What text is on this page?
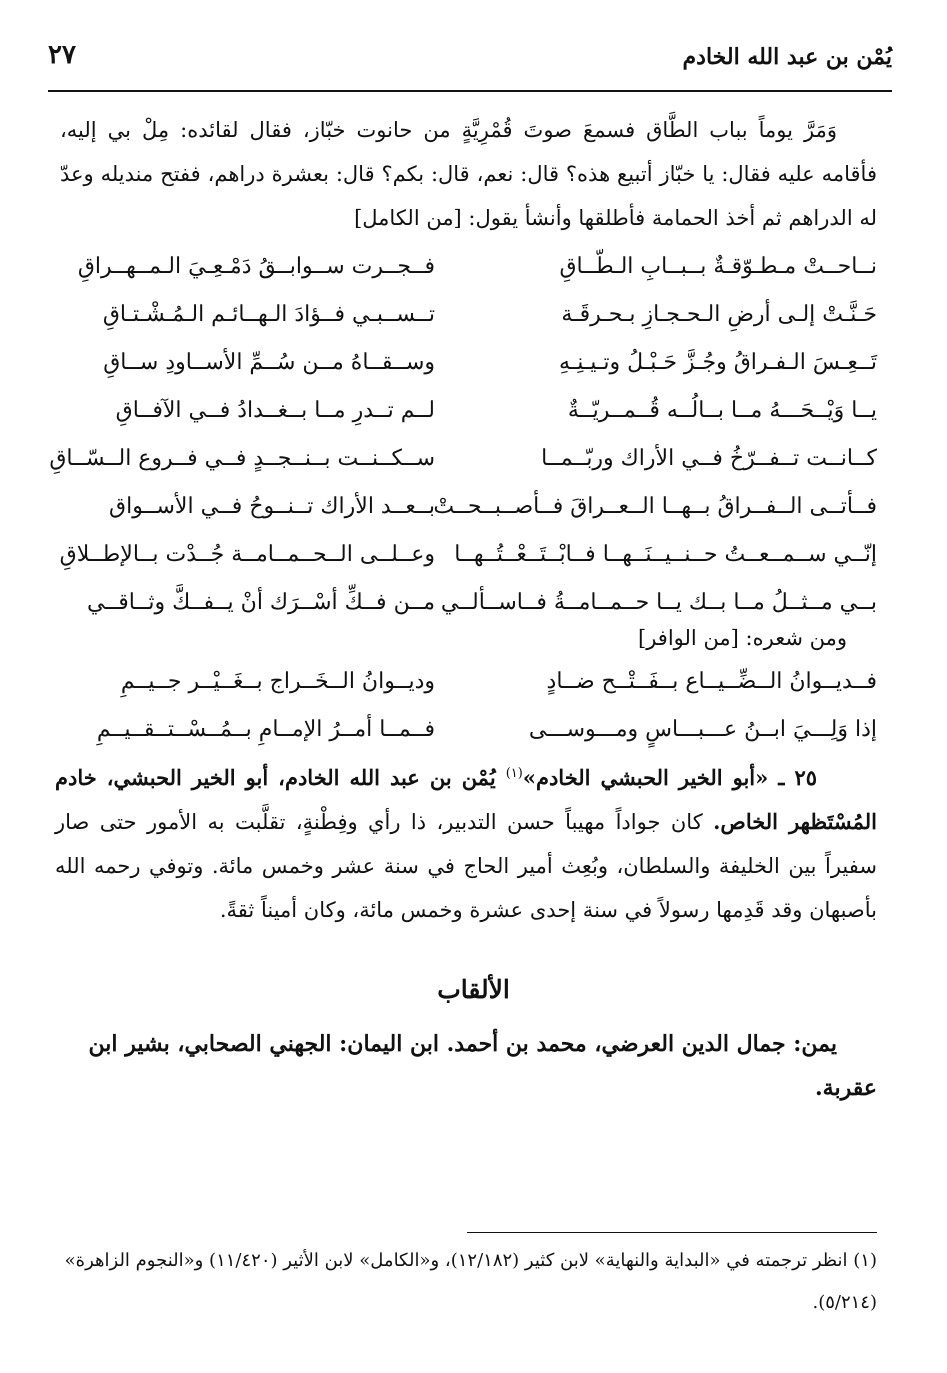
يُمْن بن عبد الله الخادم
٢٧
وَمَرَّ يوماً بباب الطَّاق فسمعَ صوتَ قُمْرِيَّةٍ من حانوت خبّاز، فقال لقائده: مِلْ بي إليه، فأقامه عليه فقال: يا خبّاز أتبيع هذه؟ قال: نعم، قال: بكم؟ قال: بعشرة دراهم، ففتح منديله وعدّ له الدراهم ثم أخذ الحمامة فأطلقها وأنشأ يقول: [من الكامل]
نــاحــتْ مـطـوّقـةٌ بــبــابِ الـطّــاقِ
فــجــرت ســوابــقُ دَمْـعِـيَ الـمــهــراقِ
حَـنَّـتْ إلـى أرضِ الـحـجـازِ بـحـرقَـة
تــســبـي فــؤادَ الـهــائـم الـمُـشْـتـاقِ
تَــعِـسَ الـفـراقُ وجُـزَّ حَـبْـلُ وتـيـنِـهِ
وســقــاهُ مــن سُــمِّ الأســاودِ ســاقِ
يــا وَيْــحَـــهُ مــا بــالُــه قُــمــريّــةٌ
لــم تــدرِ مــا بــغــدادُ فــي الآفــاقِ
كــانــت تــفــرّخُ فــي الأراك وربّــمــا
ســكــنــت بــنــجــدٍ فــي فــروع الــسّــاقِ
فــأتــى الــفــراقُ بــهــا الــعــراقَ فــأصــبــحــتْ
بــعــد الأراك تــنــوحُ فــي الأســواق
إنّــي ســمــعــتُ حــنــيــنَــهــا فــابْــتَــعْــتُــهــا
وعــلــى الــحــمــامــة جُــدْت بــالإطــلاقِ
بــي مــثــلُ مــا بــك يــا حــمــامــةُ فــاســألــي
مــن فــكِّ أسْــرَك أنْ يــفــكَّ وثــاقــي
ومن شعره: [من الوافر]
فــديــوانُ الــضِّــيــاع بــفَــتْــح ضــادٍ
وديــوانُ الــخَــراج بــغَــيْــر جــيــمِ
إذا وَلِـــيَ ابــنُ عـــبـــاسٍ ومـــوســـى
فــمــا أمــرُ الإمــامِ بــمُــسْــتــقــيــمِ
٢٥ ـ «أبو الخير الحبشي الخادم»$^{(١)}$ يُمْن بن عبد الله الخادم، أبو الخير الحبشي، خادم المُسْتَظهر الخاص. كان جواداً مهيباً حسن التدبير، ذا رأي وفِطْنةٍ، تقلَّبت به الأمور حتى صار سفيراً بين الخليفة والسلطان، وبُعِث أمير الحاج في سنة عشر وخمس مائة. وتوفي رحمه الله بأصبهان وقد قَدِمها رسولاً في سنة إحدى عشرة وخمس مائة، وكان أميناً ثقةً.
الألقاب
يمن: جمال الدين العرضي، محمد بن أحمد. ابن اليمان: الجهني الصحابي، بشير ابن عقربة.
(١) انظر ترجمته في «البداية والنهاية» لابن كثير (١٢/١٨٢)، و«الكامل» لابن الأثير (١١/٤٢٠) و«النجوم الزاهرة» (٥/٢١٤).
